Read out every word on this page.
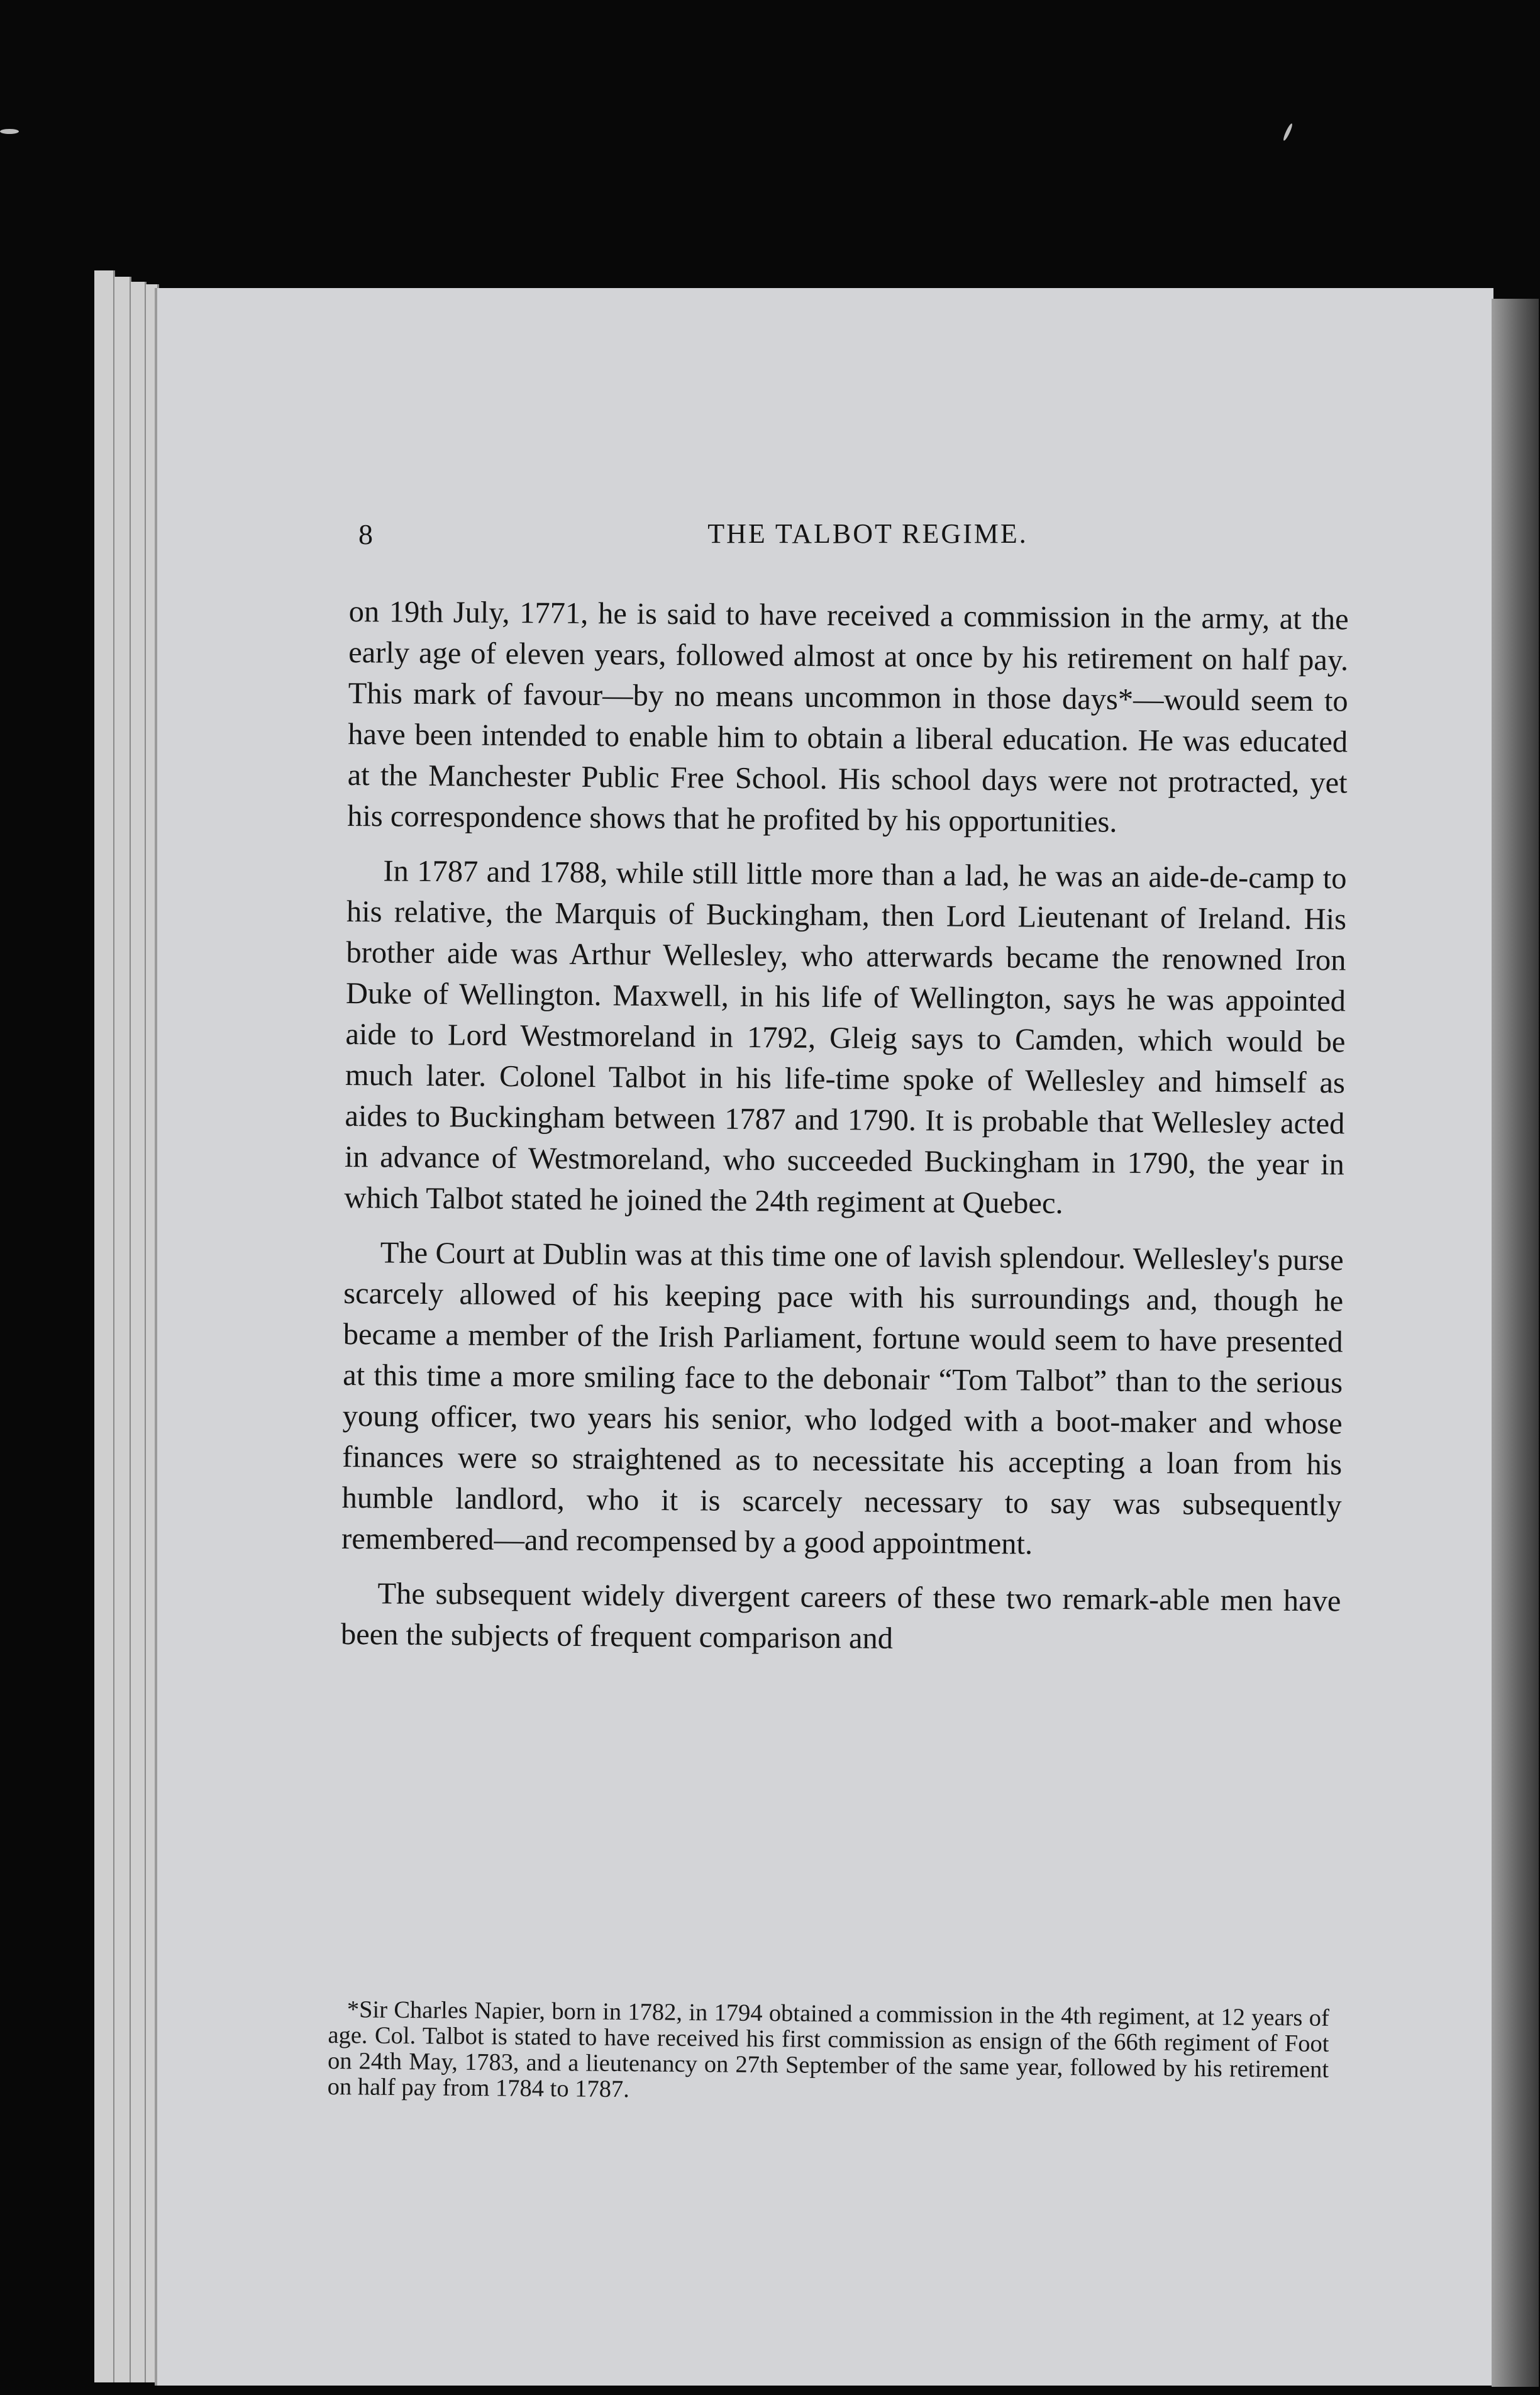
8	THE TALBOT REGIME.

on 19th July, 1771, he is said to have received a commission in the army, at the early age of eleven years, followed almost at once by his retirement on half pay. This mark of favour—by no means uncommon in those days*—would seem to have been intended to enable him to obtain a liberal education. He was educated at the Manchester Public Free School. His school days were not protracted, yet his correspondence shows that he profited by his opportunities.

In 1787 and 1788, while still little more than a lad, he was an aide-de-camp to his relative, the Marquis of Buckingham, then Lord Lieutenant of Ireland. His brother aide was Arthur Wellesley, who atterwards became the renowned Iron Duke of Wellington. Maxwell, in his life of Wellington, says he was appointed aide to Lord Westmoreland in 1792, Gleig says to Camden, which would be much later. Colonel Talbot in his life-time spoke of Wellesley and himself as aides to Buckingham between 1787 and 1790. It is probable that Wellesley acted in advance of Westmoreland, who succeeded Buckingham in 1790, the year in which Talbot stated he joined the 24th regiment at Quebec.

The Court at Dublin was at this time one of lavish splendour. Wellesley's purse scarcely allowed of his keeping pace with his surroundings and, though he became a member of the Irish Parliament, fortune would seem to have presented at this time a more smiling face to the debonair “Tom Talbot” than to the serious young officer, two years his senior, who lodged with a boot-maker and whose finances were so straightened as to necessitate his accepting a loan from his humble landlord, who it is scarcely necessary to say was subsequently remembered—and recompensed by a good appointment.

The subsequent widely divergent careers of these two remark-able men have been the subjects of frequent comparison and

*Sir Charles Napier, born in 1782, in 1794 obtained a commission in the 4th regiment, at 12 years of age. Col. Talbot is stated to have received his first commission as ensign of the 66th regiment of Foot on 24th May, 1783, and a lieutenancy on 27th September of the same year, followed by his retirement on half pay from 1784 to 1787.
